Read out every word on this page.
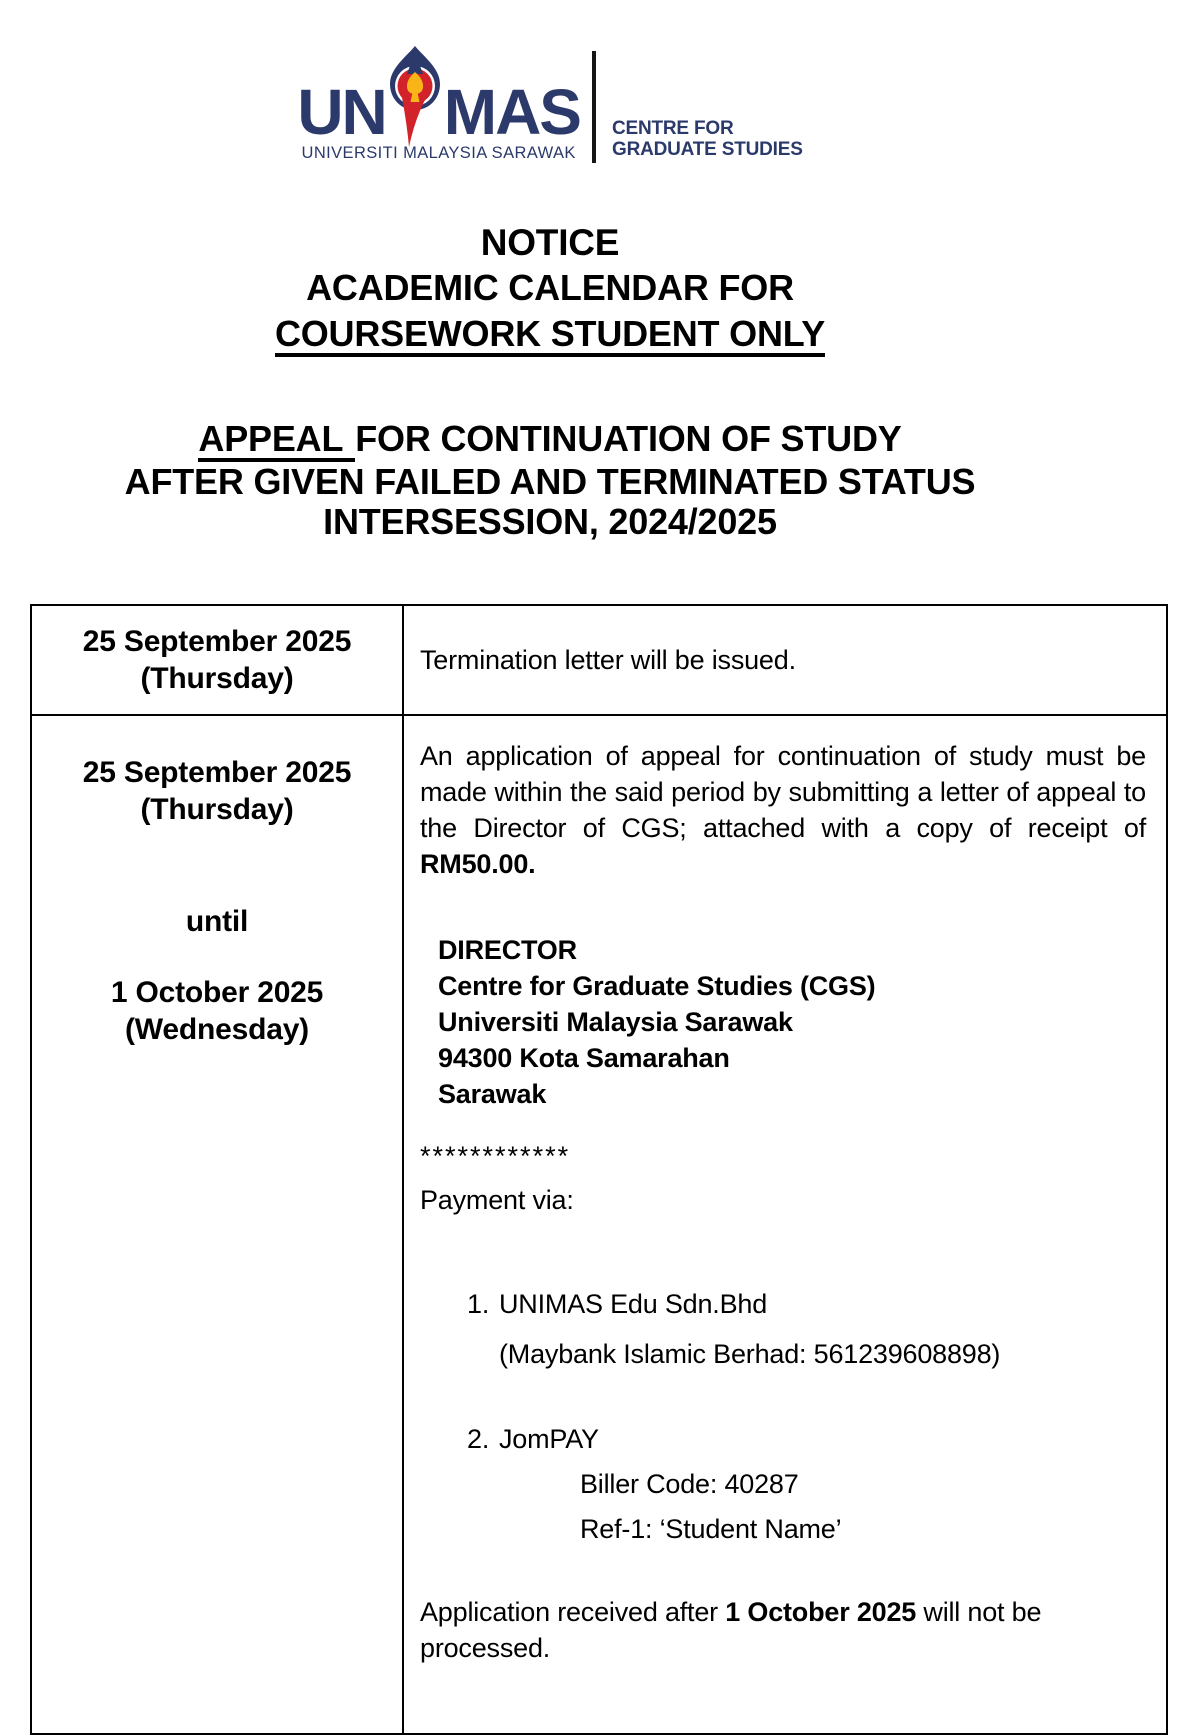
UN MAS
UNIVERSITI MALAYSIA SARAWAK
CENTRE FOR
GRADUATE STUDIES
NOTICE
ACADEMIC CALENDAR FOR COURSEWORK STUDENT ONLY
APPEAL FOR CONTINUATION OF STUDY
AFTER GIVEN FAILED AND TERMINATED STATUS
INTERSESSION, 2024/2025
25 September 2025
(Thursday)
Termination letter will be issued.
25 September 2025
(Thursday)
until
1 October 2025
(Wednesday)

An application of appeal for continuation of study must be made within the said period by submitting a letter of appeal to the Director of CGS; attached with a copy of receipt of RM50.00.

DIRECTOR
Centre for Graduate Studies (CGS)
Universiti Malaysia Sarawak
94300 Kota Samarahan
Sarawak
************
Payment via:
1. UNIMAS Edu Sdn.Bhd
(Maybank Islamic Berhad: 561239608898)
2. JomPAY
Biller Code: 40287
Ref-1: ‘Student Name’

Application received after 1 October 2025 will not be processed.
